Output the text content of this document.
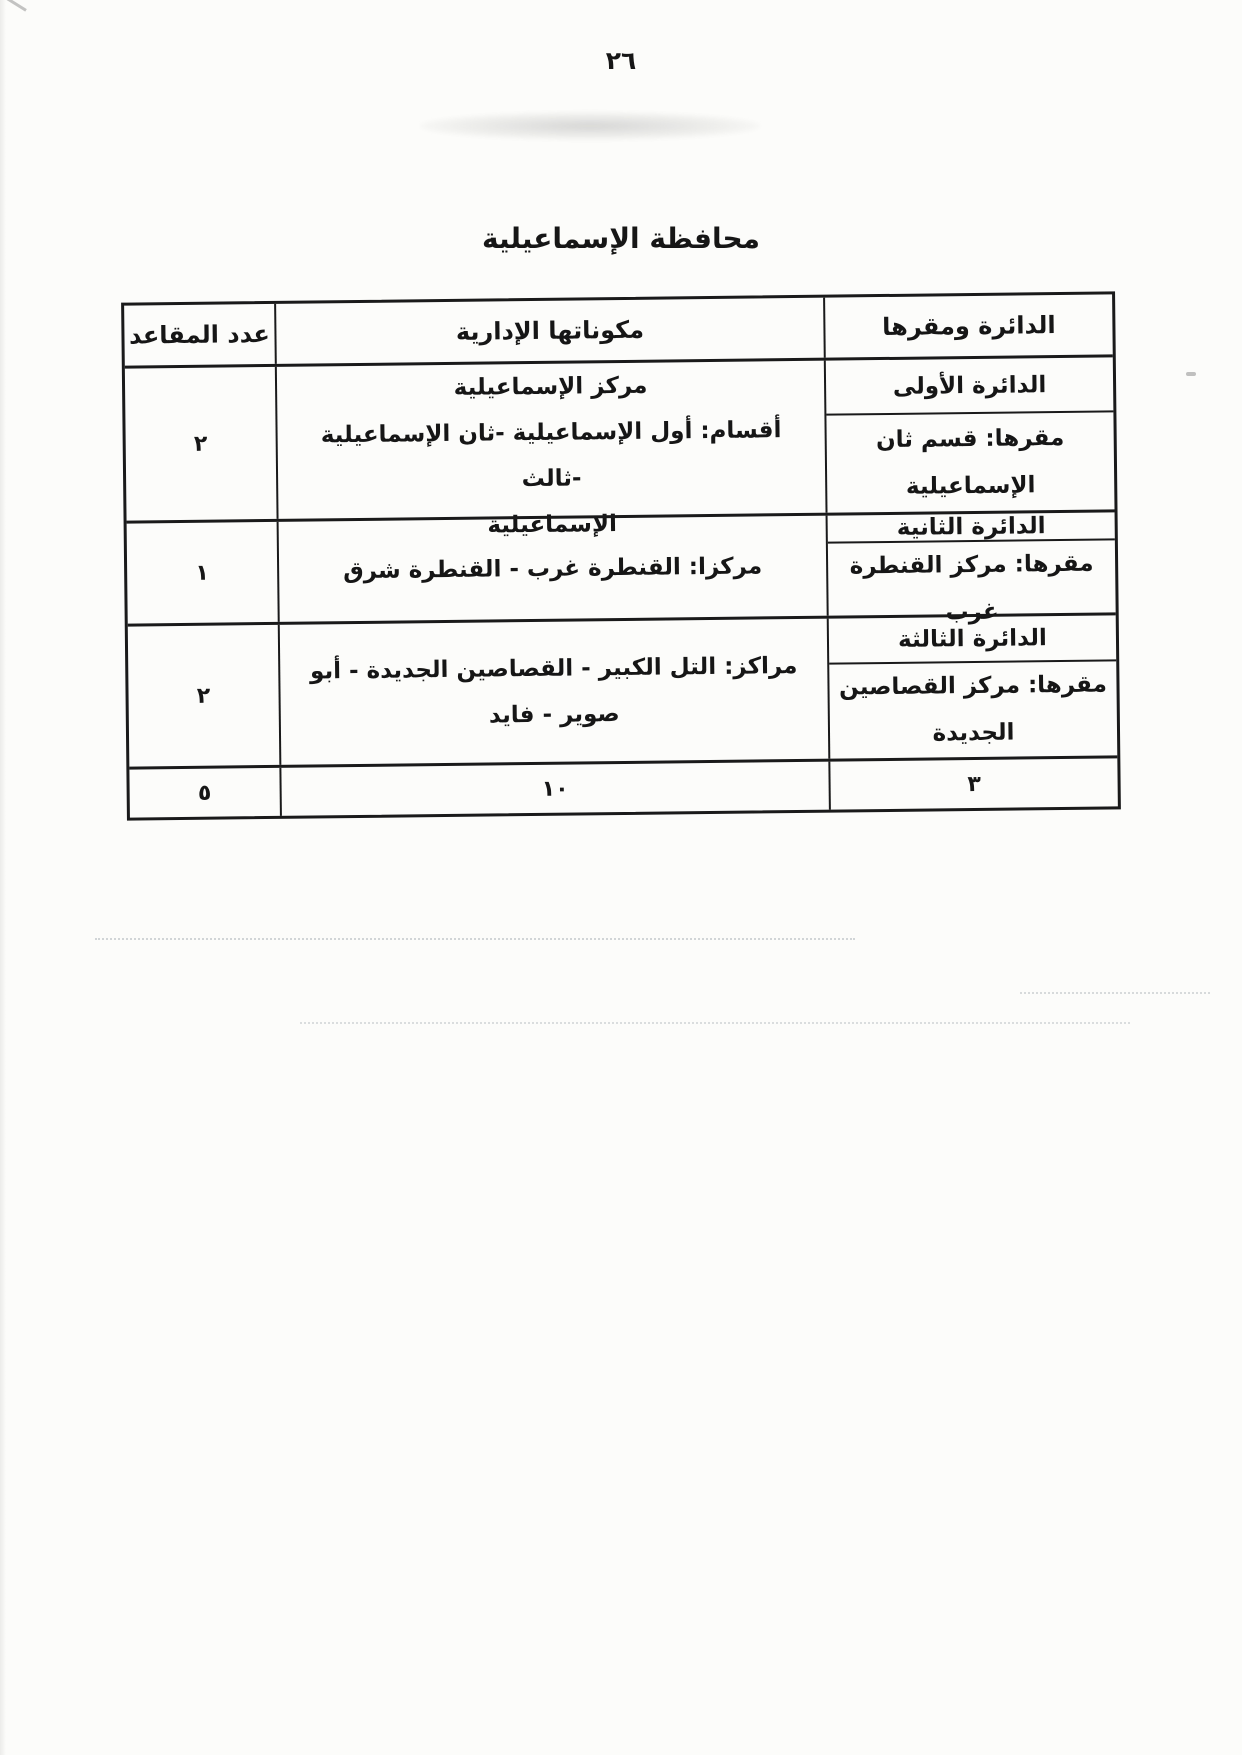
٢٦
محافظة الإسماعيلية
الدائرة ومقرها
مكوناتها الإدارية
عدد المقاعد
الدائرة الأولى
مقرها: قسم ثان الإسماعيلية
مركز الإسماعيلية
أقسام: أول الإسماعيلية -ثان الإسماعيلية -ثالث
الإسماعيلية
٢
الدائرة الثانية
مقرها: مركز القنطرة غرب
مركزا: القنطرة غرب - القنطرة شرق
١
الدائرة الثالثة
مقرها: مركز القصاصين الجديدة
مراكز: التل الكبير - القصاصين الجديدة - أبو صوير - فايد
٢
٣
١٠
٥
